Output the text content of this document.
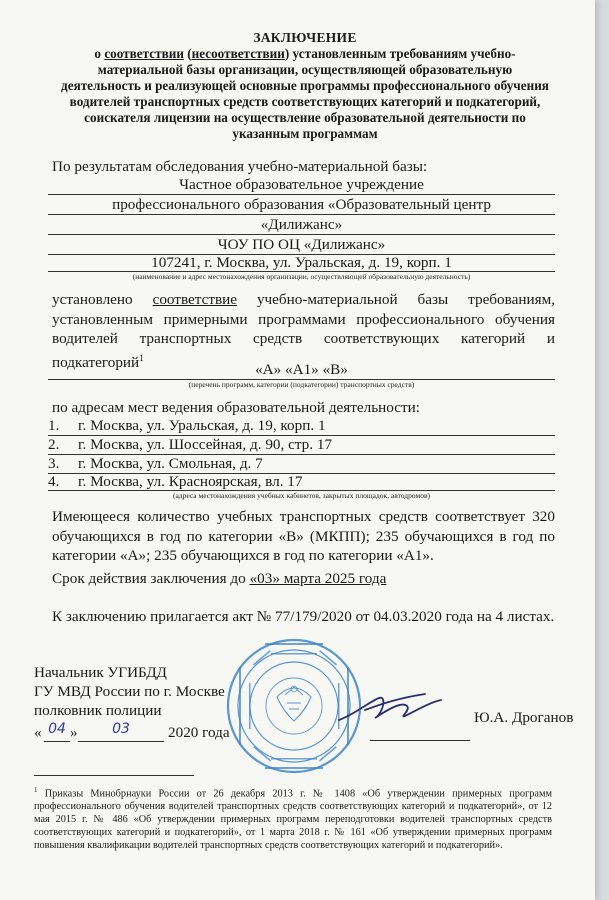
ЗАКЛЮЧЕНИЕ
о соответствии (несоответствии) установленным требованиям учебно- материальной базы организации, осуществляющей образовательную деятельность и реализующей основные программы профессионального обучения водителей транспортных средств соответствующих категорий и подкатегорий, соискателя лицензии на осуществление образовательной деятельности по указанным программам
По результатам обследования учебно-материальной базы:
Частное образовательное учреждение
профессионального образования «Образовательный центр
«Дилижанс»
ЧОУ ПО ОЦ «Дилижанс»
107241, г. Москва, ул. Уральская, д. 19, корп. 1
(наименование и адрес местонахождения организации, осуществляющей образовательную деятельность)
установлено соответствие учебно-материальной базы требованиям, установленным примерными программами профессионального обучения водителей транспортных средств соответствующих категорий и подкатегорий$^1$
«А» «А1» «В»
(перечень программ, категории (подкатегории) транспортных средств)
по адресам мест ведения образовательной деятельности:
1. г. Москва, ул. Уральская, д. 19, корп. 1
2. г. Москва, ул. Шоссейная, д. 90, стр. 17
3. г. Москва, ул. Смольная, д. 7
4. г. Москва, ул. Красноярская, вл. 17
(адреса местонахождения учебных кабинетов, закрытых площадок, автодромов)
Имеющееся количество учебных транспортных средств соответствует 320 обучающихся в год по категории «В» (МКПП); 235 обучающихся в год по категории «А»; 235 обучающихся в год по категории «А1».
Срок действия заключения до «03» марта 2025 года
К заключению прилагается акт № 77/179/2020 от 04.03.2020 года на 4 листах.
Начальник УГИБДД
ГУ МВД России по г. Москве
полковник полиции
« 04 »	03	2020 года
Ю.А. Дроганов
$^1$ Приказы Минобрнауки России от 26 декабря 2013 г. № 1408 «Об утверждении примерных программ профессионального обучения водителей транспортных средств соответствующих категорий и подкатегорий», от 12 мая 2015 г. № 486 «Об утверждении примерных программ переподготовки водителей транспортных средств соответствующих категорий и подкатегорий», от 1 марта 2018 г. № 161 «Об утверждении примерных программ повышения квалификации водителей транспортных средств соответствующих категорий и подкатегорий».
